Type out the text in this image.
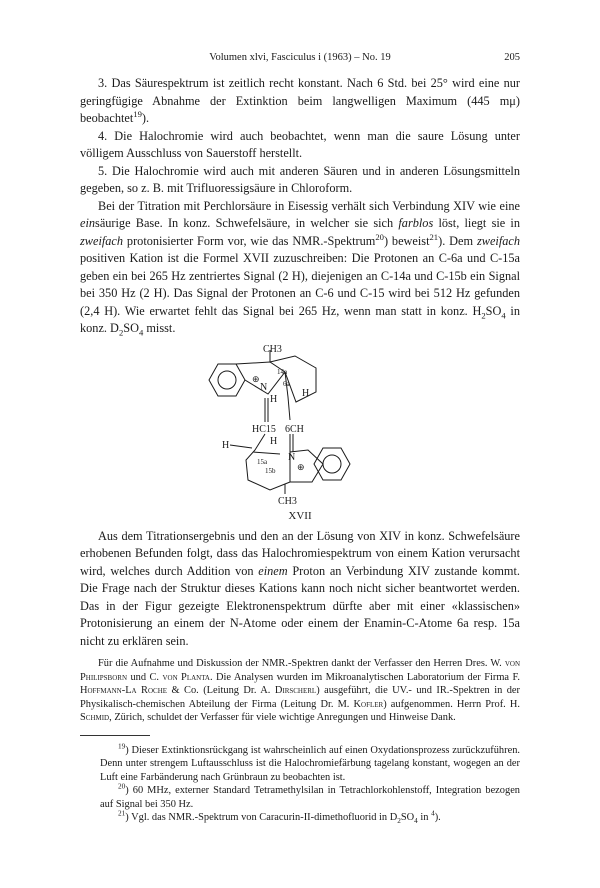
Volumen xlvi, Fasciculus i (1963) – No. 19	205

3. Das Säurespektrum ist zeitlich recht konstant. Nach 6 Std. bei 25° wird eine nur geringfügige Abnahme der Extinktion beim langwelligen Maximum (445 mμ) beobachtet$^{19}$).

4. Die Halochromie wird auch beobachtet, wenn man die saure Lösung unter völligem Ausschluss von Sauerstoff herstellt.

5. Die Halochromie wird auch mit anderen Säuren und in anderen Lösungsmitteln gegeben, so z. B. mit Trifluoressigsäure in Chloroform.

Bei der Titration mit Perchlorsäure in Eisessig verhält sich Verbindung XIV wie eine einsäurige Base. In konz. Schwefelsäure, in welcher sie sich farblos löst, liegt sie in zweifach protonisierter Form vor, wie das NMR.-Spektrum$^{20}$) beweist$^{21}$). Dem zweifach positiven Kation ist die Formel XVII zuzuschreiben: Die Protonen an C-6a und C-15a geben ein bei 265 Hz zentriertes Signal (2 H), diejenigen an C-14a und C-15b ein Signal bei 350 Hz (2 H). Das Signal der Protonen an C-6 und C-15 wird bei 512 Hz gefunden (2,4 H). Wie erwartet fehlt das Signal bei 265 Hz, wenn man statt in konz. $H_2SO_4$ in konz. $D_2SO_4$ misst.

CH3
14a
6a
N
⊕
H
H
HC15 6CH
H
H
N
⊕
15a
15b
CH3
XVII

Aus dem Titrationsergebnis und den an der Lösung von XIV in konz. Schwefelsäure erhobenen Befunden folgt, dass das Halochromiespektrum von einem Kation verursacht wird, welches durch Addition von einem Proton an Verbindung XIV zustande kommt. Die Frage nach der Struktur dieses Kations kann noch nicht sicher beantwortet werden. Das in der Figur gezeigte Elektronenspektrum dürfte aber mit einer «klassischen» Protonisierung an einem der N-Atome oder einem der Enamin-C-Atome 6a resp. 15a nicht zu erklären sein.

Für die Aufnahme und Diskussion der NMR.-Spektren dankt der Verfasser den Herren Dres. W. von Philipsborn und C. von Planta. Die Analysen wurden im Mikroanalytischen Laboratorium der Firma F. Hoffmann-La Roche & Co. (Leitung Dr. A. Dirscherl) ausgeführt, die UV.- und IR.-Spektren in der Physikalisch-chemischen Abteilung der Firma (Leitung Dr. M. Kofler) aufgenommen. Herrn Prof. H. Schmid, Zürich, schuldet der Verfasser für viele wichtige Anregungen und Hinweise Dank.

$^{19}$) Dieser Extinktionsrückgang ist wahrscheinlich auf einen Oxydationsprozess zurückzuführen. Denn unter strengem Luftausschluss ist die Halochromiefärbung tagelang konstant, wogegen an der Luft eine Farbänderung nach Grünbraun zu beobachten ist.

$^{20}$) 60 MHz, externer Standard Tetramethylsilan in Tetrachlorkohlenstoff, Integration bezogen auf Signal bei 350 Hz.

$^{21}$) Vgl. das NMR.-Spektrum von Caracurin-II-dimethofluorid in $D_2SO_4$ in $^4$).
